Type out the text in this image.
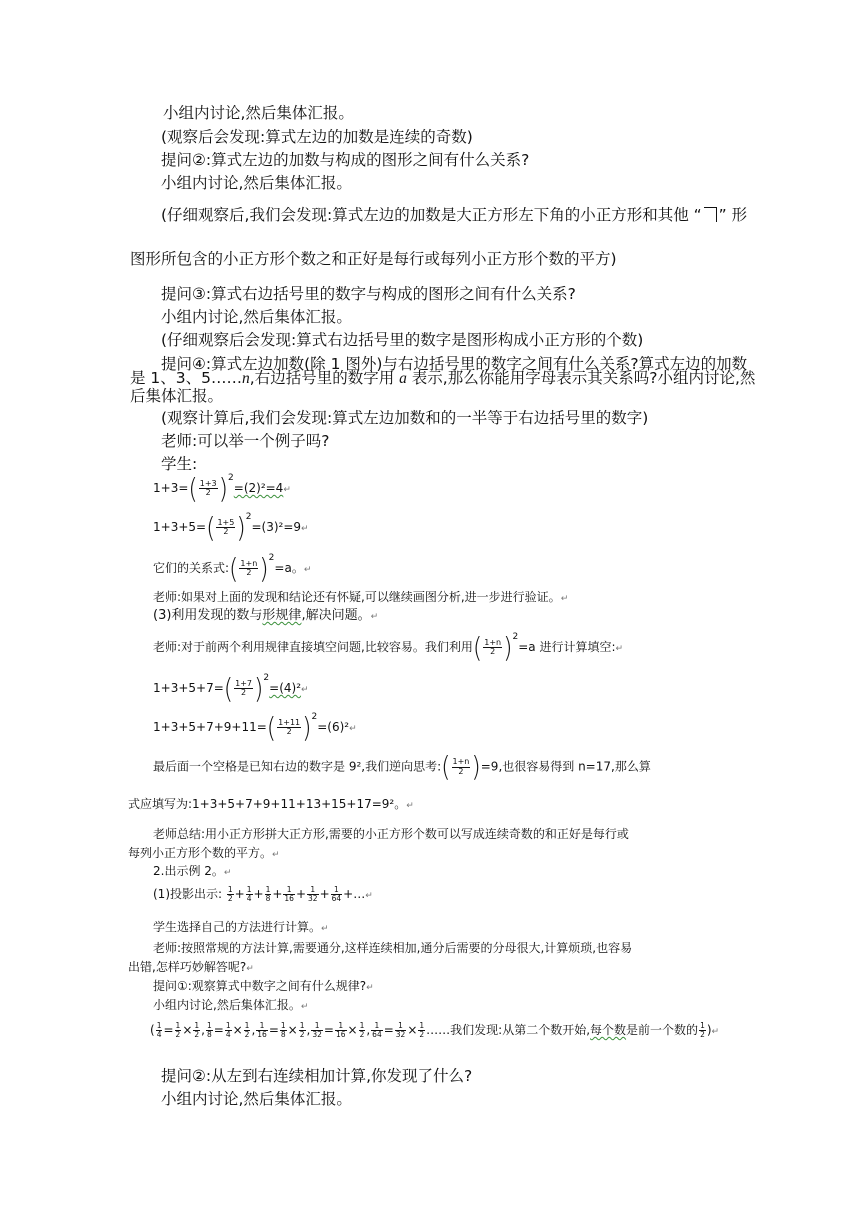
小组内讨论,然后集体汇报。
(观察后会发现:算式左边的加数是连续的奇数)
提问②:算式左边的加数与构成的图形之间有什么关系?
小组内讨论,然后集体汇报。
(仔细观察后,我们会发现:算式左边的加数是大正方形左下角的小正方形和其他 “ ” 形
图形所包含的小正方形个数之和正好是每行或每列小正方形个数的平方)
提问③:算式右边括号里的数字与构成的图形之间有什么关系?
小组内讨论,然后集体汇报。
(仔细观察后会发现:算式右边括号里的数字是图形构成小正方形的个数)
提问④:算式左边加数(除 1 图外)与右边括号里的数字之间有什么关系?算式左边的加数
是 1、3、5……n,右边括号里的数字用 a 表示,那么你能用字母表示其关系吗?小组内讨论,然
后集体汇报。
(观察计算后,我们会发现:算式左边加数和的一半等于右边括号里的数字)
老师:可以举一个例子吗?
学生:
$1+3=( \frac{1+3}{2}$ )$^2=(2)^2=4↵$
$1+3+5=( \frac{1+5}{2}$ )$^2=(3)^2=9↵$
它们的关系式:( $\frac{1+n}{2} )^2=a$。↵
老师:如果对上面的发现和结论还有怀疑,可以继续画图分析,进一步进行验证。↵
(3)利用发现的数与形规律,解决问题。↵
老师:对于前两个利用规律直接填空问题,比较容易。我们利用( $\frac{1+n}{2} )^2=a$ 进行计算填空:↵
$1+3+5+7=( \frac{1+7}{2}$ )$^2=(4)^2↵$
$1+3+5+7+9+11=( \frac{1+11}{2}$ )$^2=(6)^2↵$
最后面一个空格是已知右边的数字是 9²,我们逆向思考:( $\frac{1+n}{2} )=9$,也很容易得到 n=17,那么算
式应填写为:1+3+5+7+9+11+13+15+17=9²。↵
老师总结:用小正方形拼大正方形,需要的小正方形个数可以写成连续奇数的和正好是每行或
每列小正方形个数的平方。↵
2.出示例 2。↵
(1)投影出示: $\frac{1}{2} + \frac{1}{4} + \frac{1}{8} + \frac{1}{16} + \frac{1}{32} + \frac{1}{64}$ +…↵
学生选择自己的方法进行计算。↵
老师:按照常规的方法计算,需要通分,这样连续相加,通分后需要的分母很大,计算烦琐,也容易
出错,怎样巧妙解答呢?↵
提问①:观察算式中数字之间有什么规律?↵
小组内讨论,然后集体汇报。↵
( $\frac{1}{4} = \frac{1}{2} \times \frac{1}{2}$ , $\frac{1}{8} = \frac{1}{4} \times \frac{1}{2}$ , $\frac{1}{16} = \frac{1}{8} \times \frac{1}{2}$ , $\frac{1}{32} = \frac{1}{16} \times \frac{1}{2}$ , $\frac{1}{64} = \frac{1}{32} \times \frac{1}{2}$ ……我们发现:从第二个数开始,每个数是前一个数的 $\frac{1}{2}$ )↵
提问②:从左到右连续相加计算,你发现了什么?
小组内讨论,然后集体汇报。
